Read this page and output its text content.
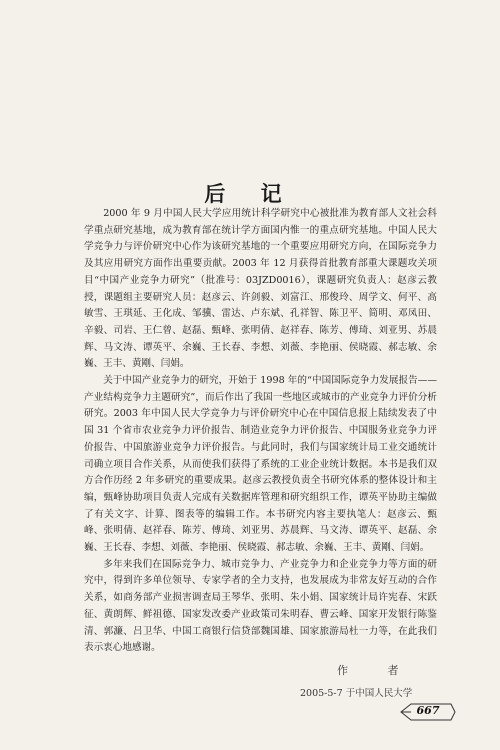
后 记

2000 年 9 月中国人民大学应用统计科学研究中心被批准为教育部人文社会科学重点研究基地，成为教育部在统计学方面国内惟一的重点研究基地。中国人民大学竞争力与评价研究中心作为该研究基地的一个重要应用研究方向，在国际竞争力及其应用研究方面作出重要贡献。2003 年 12 月获得首批教育部重大课题攻关项目“中国产业竞争力研究”（批准号：03JZD0016），课题研究负责人：赵彦云教授，课题组主要研究人员：赵彦云、许剑毅、刘富江、邢俊玲、周学文、何平、高敏雪、王琪延、王化成、邹骥、雷达、卢东斌、孔祥智、陈卫平、简明、邓凤田、辛毅、司岩、王仁曾、赵磊、甄峰、张明倩、赵祥春、陈芳、傅琦、刘亚男、苏晨辉、马文涛、谭英平、余巍、王长春、李想、刘薇、李艳丽、侯晓霞、郝志敏、余巍、王丰、黄剛、闫娟。

关于中国产业竞争力的研究，开始于 1998 年的“中国国际竞争力发展报告——产业结构竞争力主题研究”，而后作出了我国一些地区或城市的产业竞争力评价分析研究。2003 年中国人民大学竞争力与评价研究中心在中国信息报上陆续发表了中国 31 个省市农业竞争力评价报告、制造业竞争力评价报告、中国服务业竞争力评价报告、中国旅游业竞争力评价报告。与此同时，我们与国家统计局工业交通统计司确立项目合作关系，从而使我们获得了系统的工业企业统计数据。本书是我们双方合作历经 2 年多研究的重要成果。赵彦云教授负责全书研究体系的整体设计和主编，甄峰协助项目负责人完成有关数据库管理和研究组织工作，谭英平协助主编做了有关文字、计算、图表等的编辑工作。本书研究内容主要执笔人：赵彦云、甄峰、张明倩、赵祥春、陈芳、傅琦、刘亚男、苏晨辉、马文涛、谭英平、赵磊、余巍、王长春、李想、刘薇、李艳丽、侯晓霞、郝志敏、余巍、王丰、黄剛、闫娟。

多年来我们在国际竞争力、城市竞争力、产业竞争力和企业竞争力等方面的研究中，得到许多单位领导、专家学者的全力支持，也发展成为非常友好互动的合作关系，如商务部产业损害调查局王琴华、张明、朱小娟、国家统计局许宪春、宋跃征、黄朗辉、鲜祖德、国家发改委产业政策司朱明春、曹云峰、国家开发银行陈鉴清、郭濂、吕卫华、中国工商银行信贷部魏国雄、国家旅游局杜一力等，在此我们表示衷心地感谢。

作 者
2005-5-7 于中国人民大学
667
